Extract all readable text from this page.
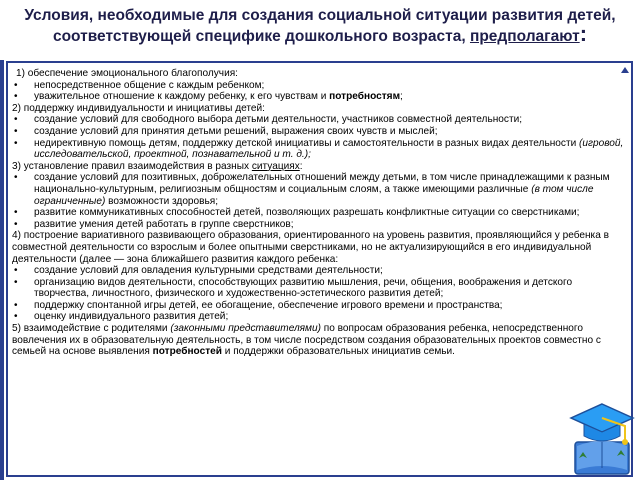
Условия, необходимые для создания социальной ситуации развития детей,
соответствующей специфике дошкольного возраста, предполагают:

1) обеспечение эмоционального благополучия:

• непосредственное общение с каждым ребенком;

• уважительное отношение к каждому ребенку, к его чувствам и потребностям;

2) поддержку индивидуальности и инициативы детей:

• создание условий для свободного выбора детьми деятельности, участников совместной деятельности;

• создание условий для принятия детьми решений, выражения своих чувств и мыслей;

• недирективную помощь детям, поддержку детской инициативы и самостоятельности в разных видах деятельности (игровой, исследовательской, проектной, познавательной и т. д.);

3) установление правил взаимодействия в разных ситуациях:

• создание условий для позитивных, доброжелательных отношений между детьми, в том числе принадлежащими к разным национально-культурным, религиозным общностям и социальным слоям, а также имеющими различные (в том числе ограниченные) возможности здоровья;

• развитие коммуникативных способностей детей, позволяющих разрешать конфликтные ситуации со сверстниками;

• развитие умения детей работать в группе сверстников;

4) построение вариативного развивающего образования, ориентированного на уровень развития, проявляющийся у ребенка в совместной деятельности со взрослым и более опытными сверстниками, но не актуализирующийся в его индивидуальной деятельности (далее — зона ближайшего развития каждого ребенка:

• создание условий для овладения культурными средствами деятельности;

• организацию видов деятельности, способствующих развитию мышления, речи, общения, воображения и детского творчества, личностного, физического и художественно-эстетического развития детей;

• поддержку спонтанной игры детей, ее обогащение, обеспечение игрового времени и пространства;

• оценку индивидуального развития детей;

5) взаимодействие с родителями (законными представителями) по вопросам образования ребенка, непосредственного вовлечения их в образовательную деятельность, в том числе посредством создания образовательных проектов совместно с семьей на основе выявления потребностей и поддержки образовательных инициатив семьи.
